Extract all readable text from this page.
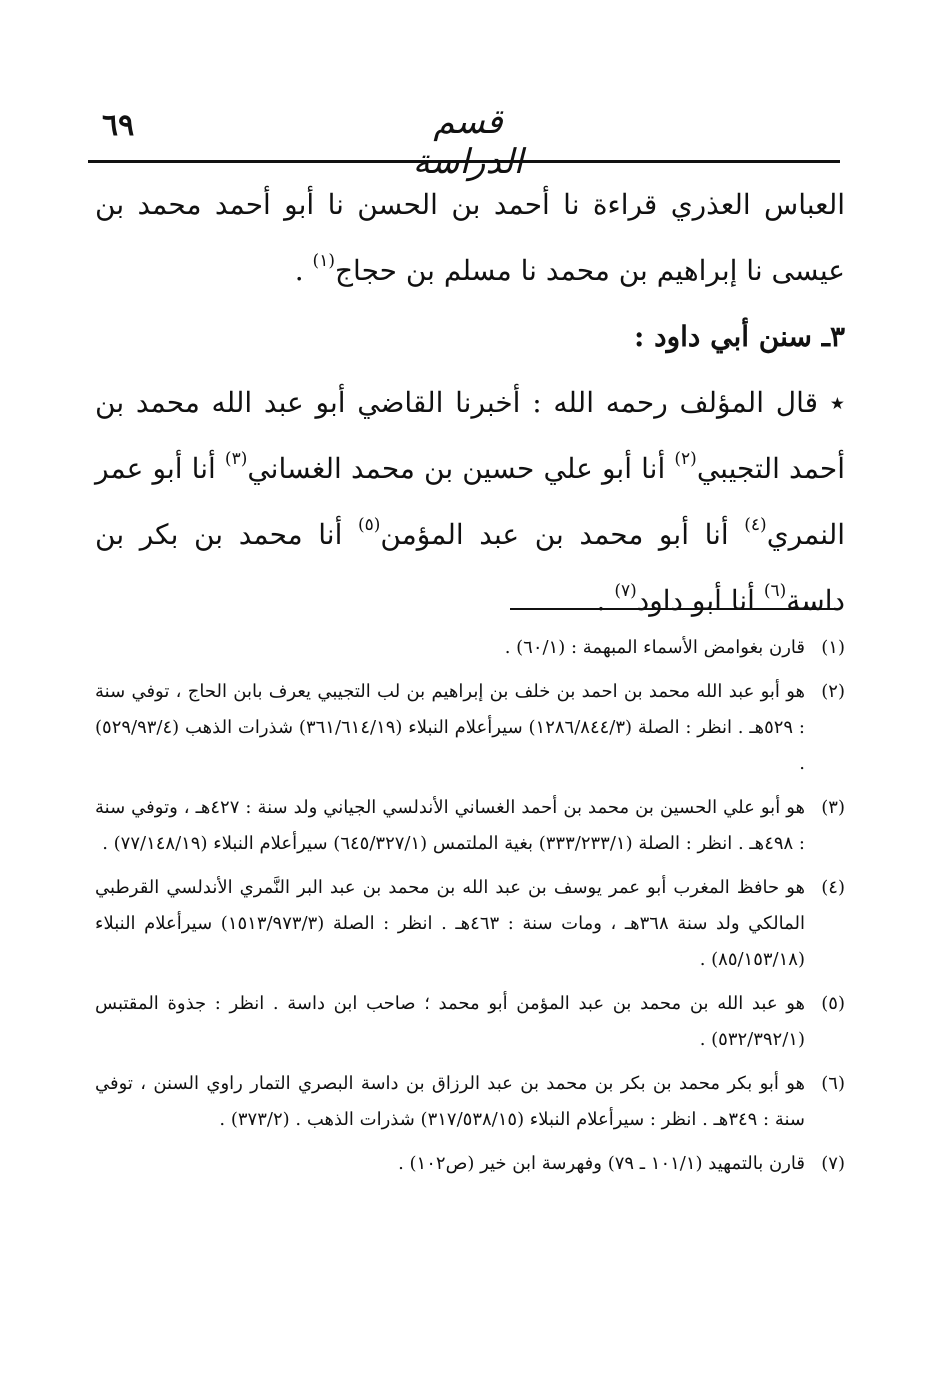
٦٩	قسم الدراسة

العباس العذري قراءة نا أحمد بن الحسن نا أبو أحمد محمد بن عيسى نا إبراهيم بن محمد نا مسلم بن حجاج$^{(١)}$ .

٣ـ سنن أبي داود :

٭ قال المؤلف رحمه الله : أخبرنا القاضي أبو عبد الله محمد بن أحمد التجيبي$^{(٢)}$ أنا أبو علي حسين بن محمد الغساني$^{(٣)}$ أنا أبو عمر النمري$^{(٤)}$ أنا أبو محمد بن عبد المؤمن$^{(٥)}$ أنا محمد بن بكر بن داسة$^{(٦)}$ أنا أبو داود$^{(٧)}$ .

(١)
قارن بغوامض الأسماء المبهمة : (٦٠/١) .
(٢)
هو أبو عبد الله محمد بن احمد بن خلف بن إبراهيم بن لب التجيبي يعرف بابن الحاج ، توفي سنة : ٥٢٩هـ . انظر : الصلة (١٢٨٦/٨٤٤/٣) سيرأعلام النبلاء (٣٦١/٦١٤/١٩) شذرات الذهب (٥٢٩/٩٣/٤) .
(٣)
هو أبو علي الحسين بن محمد بن أحمد الغساني الأندلسي الجياني ولد سنة : ٤٢٧هـ ، وتوفي سنة : ٤٩٨هـ . انظر : الصلة (٣٣٣/٢٣٣/١) بغية الملتمس (٦٤٥/٣٢٧/١) سيرأعلام النبلاء (٧٧/١٤٨/١٩) .
(٤)
هو حافظ المغرب أبو عمر يوسف بن عبد الله بن محمد بن عبد البر النَّمري الأندلسي القرطبي المالكي ولد سنة ٣٦٨هـ ، ومات سنة : ٤٦٣هـ . انظر : الصلة (١٥١٣/٩٧٣/٣) سيرأعلام النبلاء (٨٥/١٥٣/١٨) .
(٥)
هو عبد الله بن محمد بن عبد المؤمن أبو محمد ؛ صاحب ابن داسة . انظر : جذوة المقتبس (٥٣٢/٣٩٢/١) .
(٦)
هو أبو بكر محمد بن بكر بن محمد بن عبد الرزاق بن داسة البصري التمار راوي السنن ، توفي سنة : ٣٤٩هـ . انظر : سيرأعلام النبلاء (٣١٧/٥٣٨/١٥) شذرات الذهب . (٣٧٣/٢) .
(٧)
قارن بالتمهيد (١٠١/١ ـ ٧٩) وفهرسة ابن خير (ص١٠٢) .
